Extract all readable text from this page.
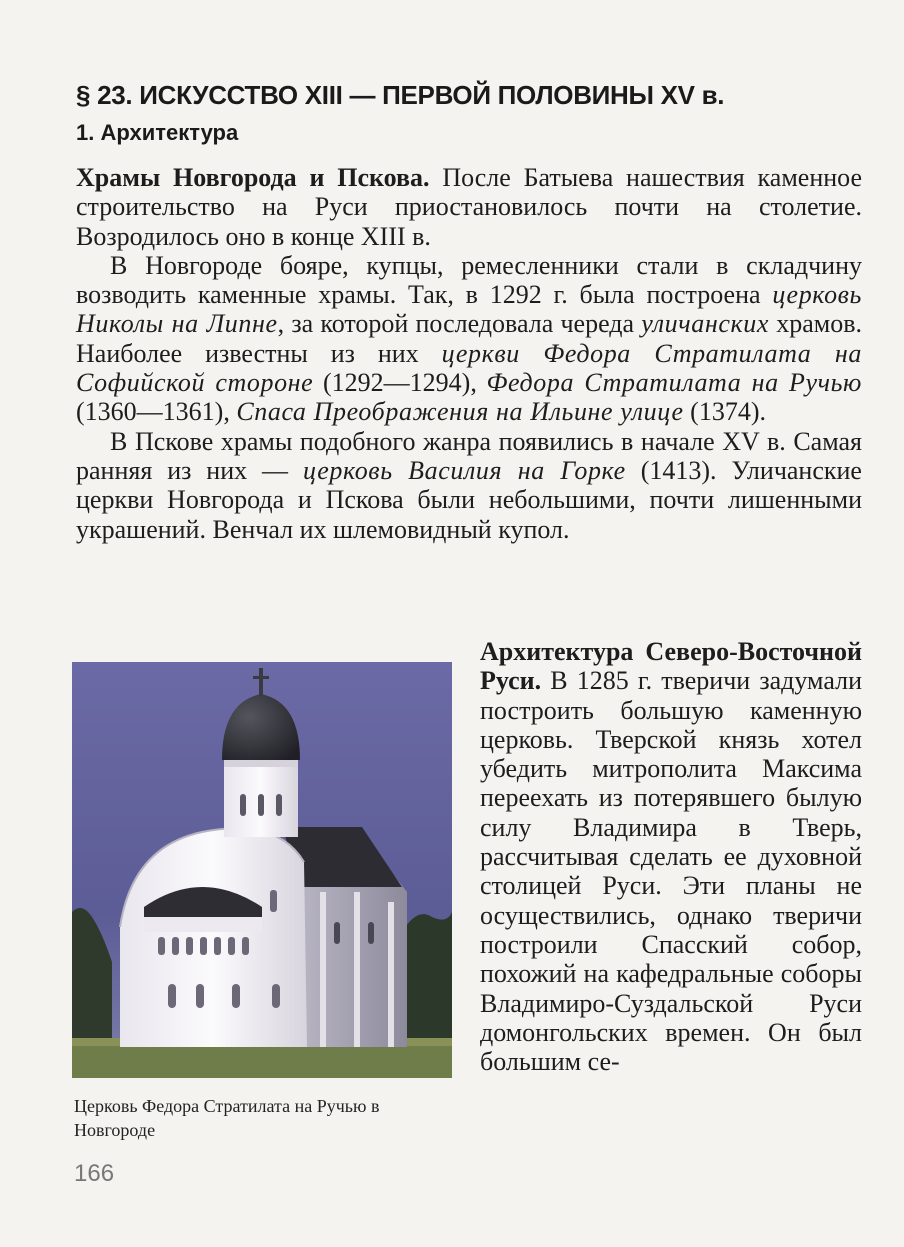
§ 23. ИСКУССТВО XIII — ПЕРВОЙ ПОЛОВИНЫ XV в.
1. Архитектура

Храмы Новгорода и Пскова. После Батыева нашествия каменное строительство на Руси приостановилось почти на столетие. Возродилось оно в конце XIII в.

В Новгороде бояре, купцы, ремесленники стали в складчину возводить каменные храмы. Так, в 1292 г. была построена церковь Николы на Липне, за которой последовала череда уличанских храмов. Наиболее известны из них церкви Федора Стратилата на Софийской стороне (1292—1294), Федора Стратилата на Ручью (1360—1361), Спаса Преображения на Ильине улице (1374).

В Пскове храмы подобного жанра появились в начале XV в. Самая ранняя из них — церковь Василия на Горке (1413). Уличанские церкви Новгорода и Пскова были небольшими, почти лишенными украшений. Венчал их шлемовидный купол.

Церковь Федора Стратилата на Ручью в Новгороде

Архитектура Северо-Восточной Руси. В 1285 г. тверичи задумали построить большую каменную церковь. Тверской князь хотел убедить митрополита Максима переехать из потерявшего былую силу Владимира в Тверь, рассчитывая сделать ее духовной столицей Руси. Эти планы не осуществились, однако тверичи построили Спасский собор, похожий на кафедральные соборы Владимиро-Суздальской Руси домонгольских времен. Он был большим се-

166
